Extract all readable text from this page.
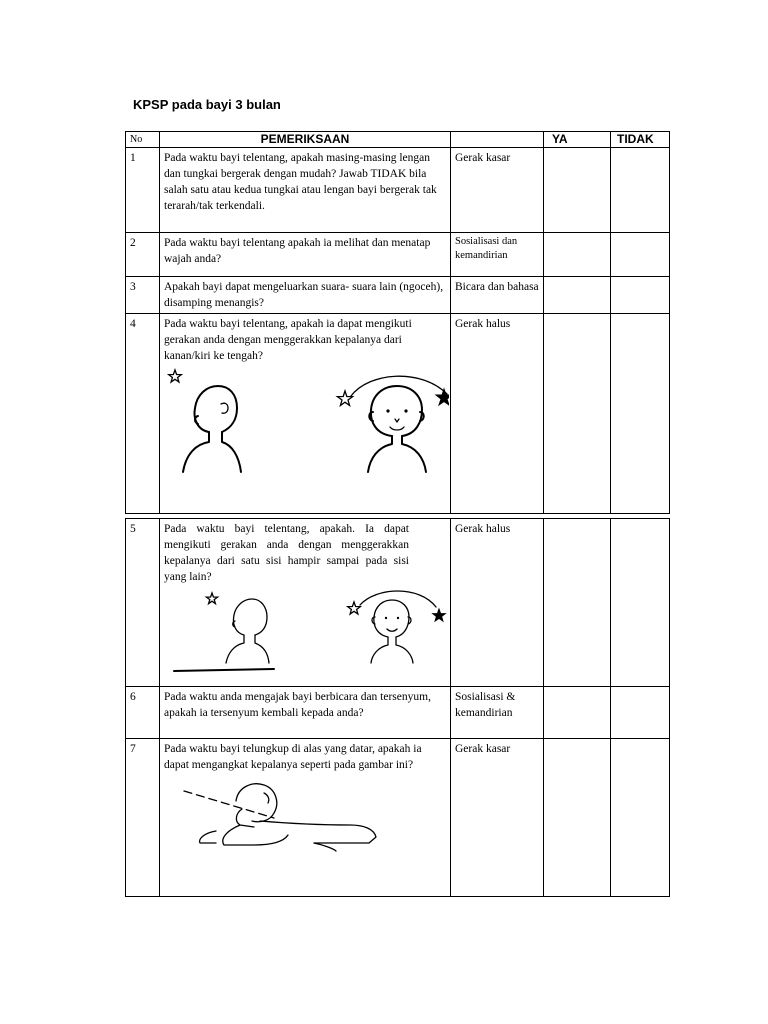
KPSP pada bayi 3 bulan
No	PEMERIKSAAN		YA	TIDAK
1	Pada waktu bayi telentang, apakah masing-masing lengan dan tungkai bergerak dengan mudah? Jawab TIDAK bila salah satu atau kedua tungkai atau lengan bayi bergerak tak terarah/tak terkendali.	Gerak kasar		
2	Pada waktu bayi telentang apakah ia melihat dan menatap wajah anda?	Sosialisasi dan kemandirian		
3	Apakah bayi dapat mengeluarkan suara- suara lain (ngoceh), disamping menangis?	Bicara dan bahasa		
4	Pada waktu bayi telentang, apakah ia dapat mengikuti gerakan anda dengan menggerakkan kepalanya dari kanan/kiri ke tengah?	Gerak halus		
5	Pada waktu bayi telentang, apakah. Ia dapat mengikuti gerakan anda dengan menggerakkan kepalanya dari satu sisi hampir sampai pada sisi yang lain?	Gerak halus		
6	Pada waktu anda mengajak bayi berbicara dan tersenyum, apakah ia tersenyum kembali kepada anda?	Sosialisasi & kemandirian		
7	Pada waktu bayi telungkup di alas yang datar, apakah ia dapat mengangkat kepalanya seperti pada gambar ini?	Gerak kasar		
